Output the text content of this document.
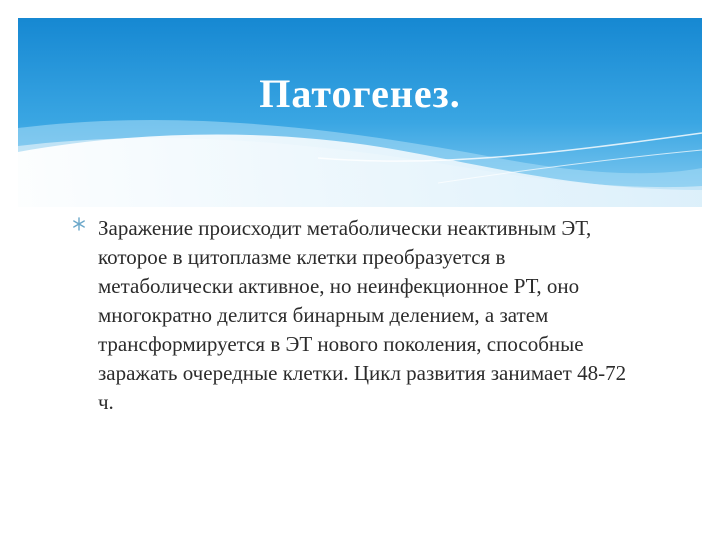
Патогенез.
Заражение происходит метаболически неактивным ЭТ, которое в цитоплазме клетки преобразуется в метаболически активное, но неинфекционное РТ, оно многократно делится бинарным делением, а затем трансформируется в ЭТ нового поколения, способные заражать очередные клетки. Цикл развития занимает 48-72 ч.
